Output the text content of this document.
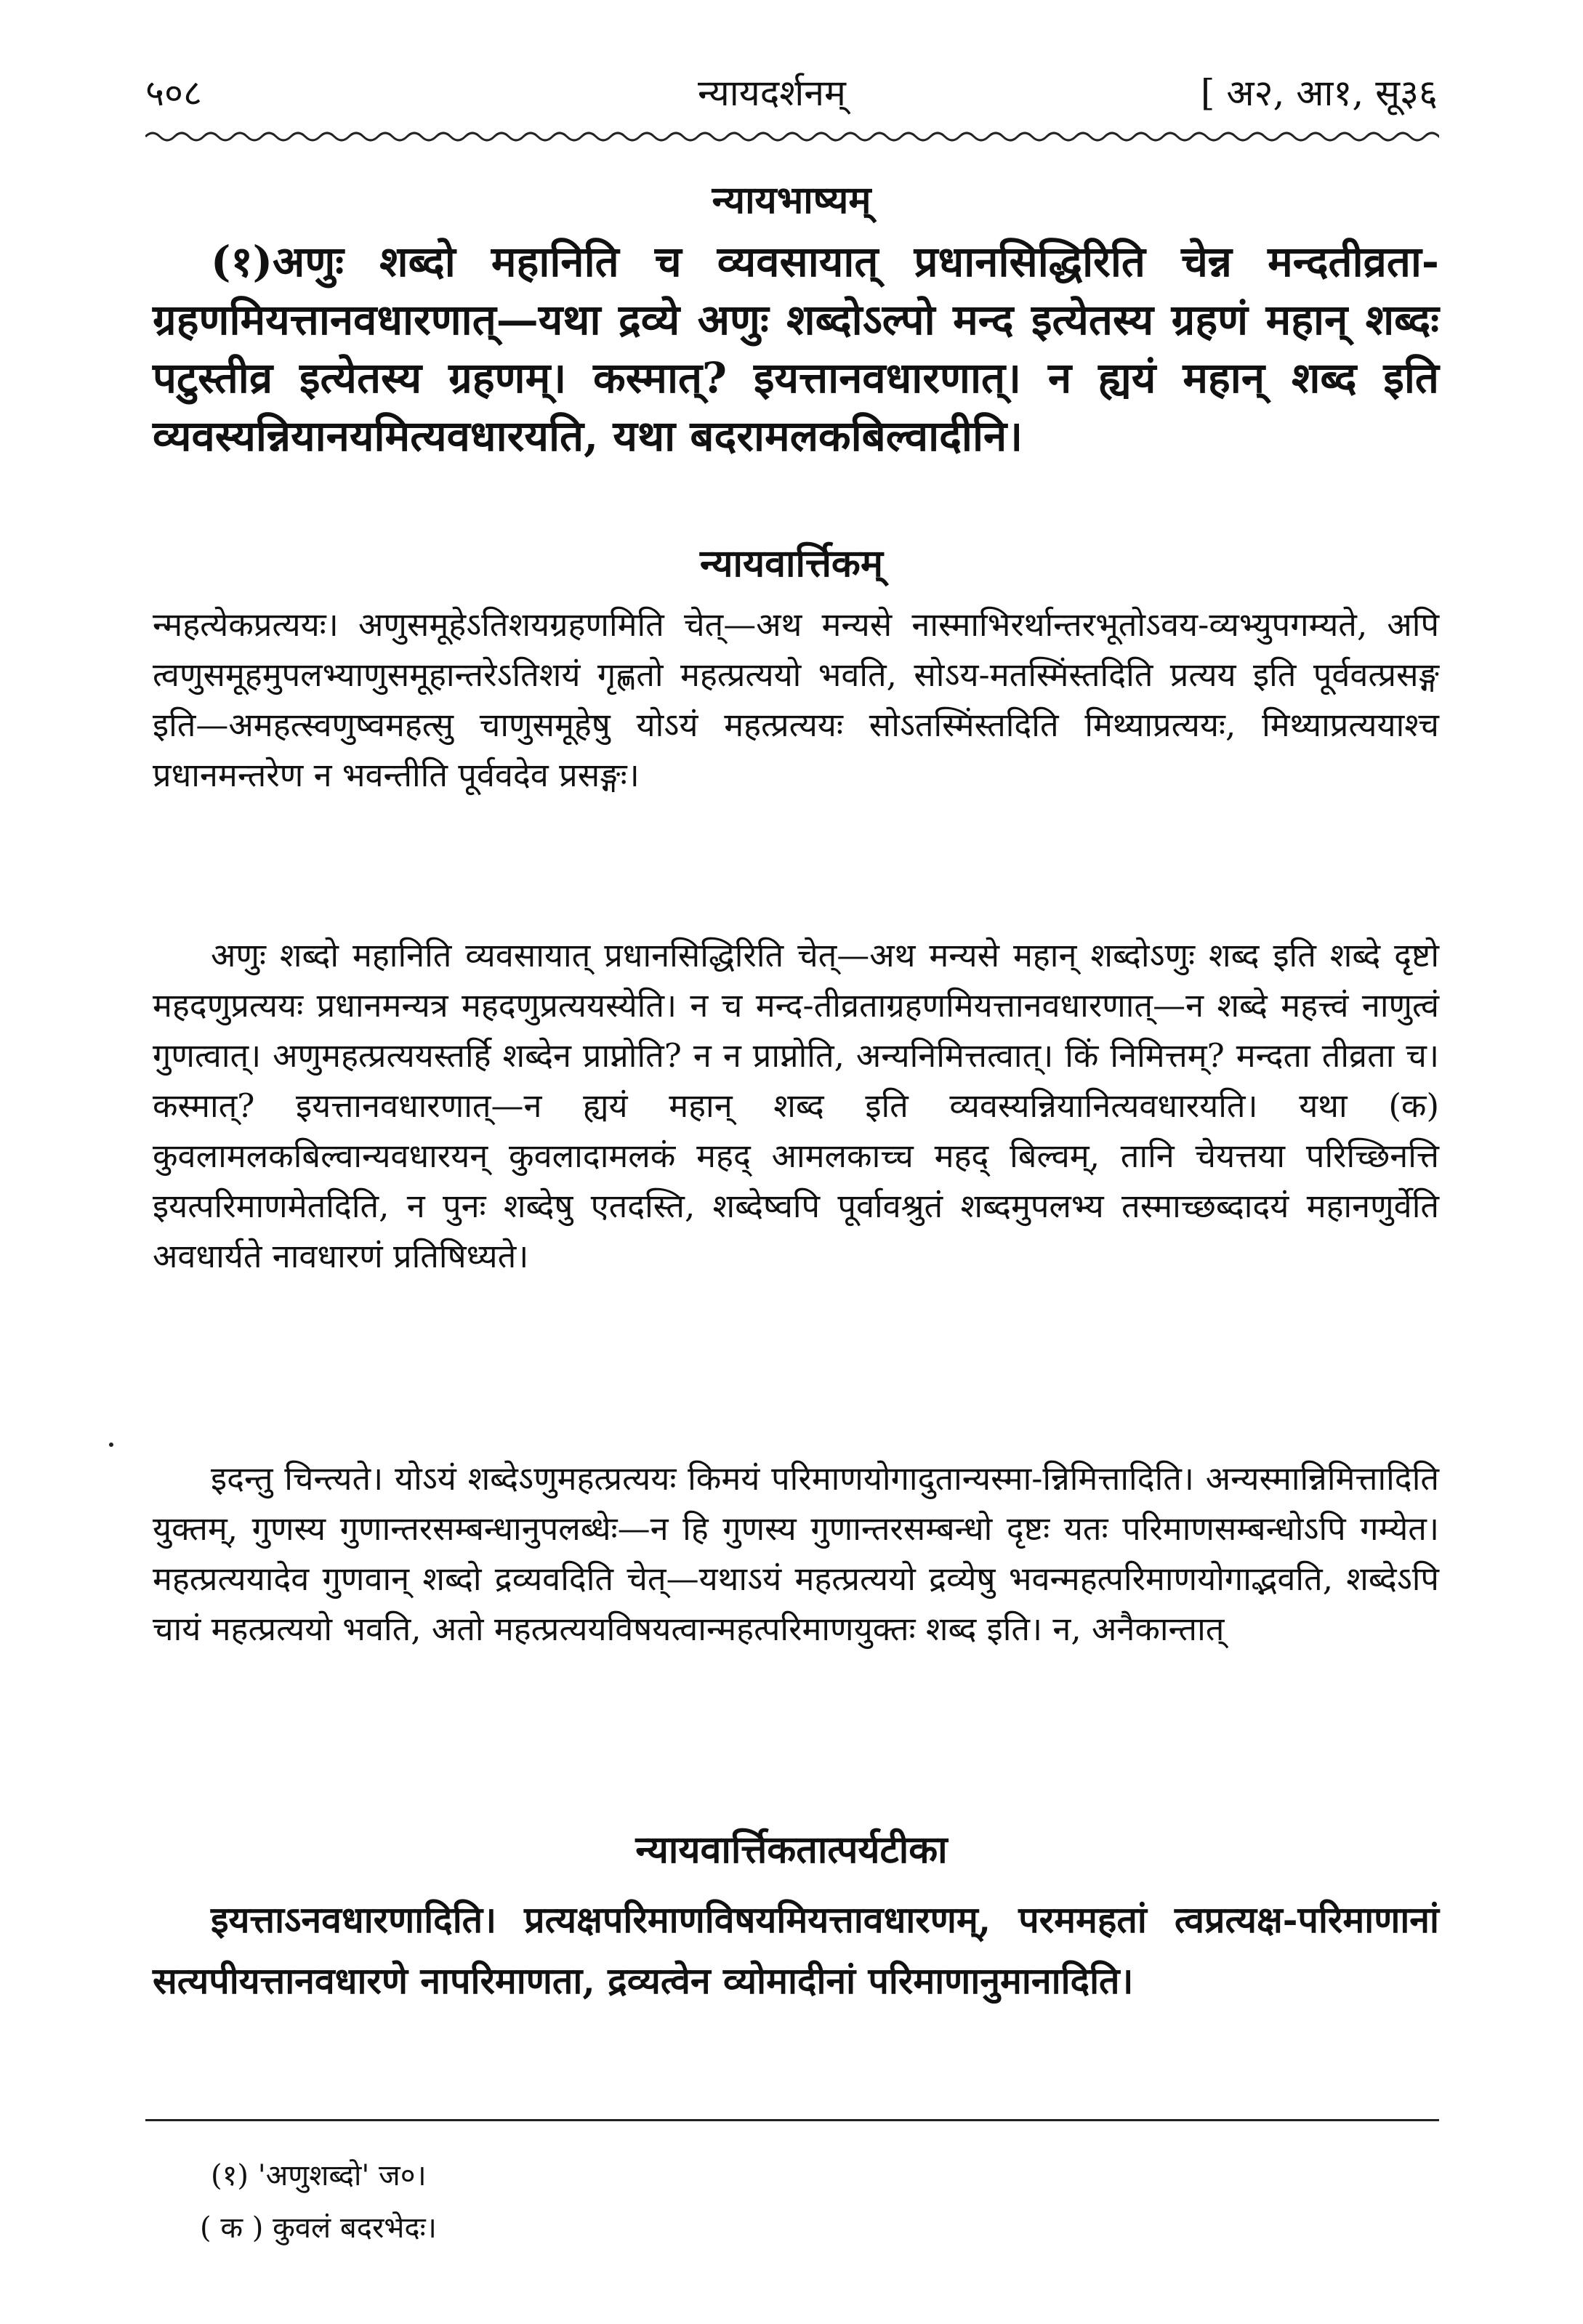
५०८	न्यायदर्शनम्	[ अ२, आ१, सू३६
न्यायभाष्यम्

(१)अणुः शब्दो महानिति च व्यवसायात् प्रधानसिद्धिरिति चेन्न मन्दतीव्रता-ग्रहणमियत्तानवधारणात्—यथा द्रव्ये अणुः शब्दोऽल्पो मन्द इत्येतस्य ग्रहणं महान् शब्दः पटुस्तीव्र इत्येतस्य ग्रहणम्। कस्मात्? इयत्तानवधारणात्। न ह्ययं महान् शब्द इति व्यवस्यन्नियानयमित्यवधारयति, यथा बदरामलकबिल्वादीनि।

न्यायवार्त्तिकम्

न्महत्येकप्रत्ययः। अणुसमूहेऽतिशयग्रहणमिति चेत्—अथ मन्यसे नास्माभिरर्थान्तरभूतोऽवय-व्यभ्युपगम्यते, अपि त्वणुसमूहमुपलभ्याणुसमूहान्तरेऽतिशयं गृह्णतो महत्प्रत्ययो भवति, सोऽय-मतस्मिंस्तदिति प्रत्यय इति पूर्ववत्प्रसङ्ग इति—अमहत्स्वणुष्वमहत्सु चाणुसमूहेषु योऽयं महत्प्रत्ययः सोऽतस्मिंस्तदिति मिथ्याप्रत्ययः, मिथ्याप्रत्ययाश्च प्रधानमन्तरेण न भवन्तीति पूर्ववदेव प्रसङ्गः।

अणुः शब्दो महानिति व्यवसायात् प्रधानसिद्धिरिति चेत्—अथ मन्यसे महान् शब्दोऽणुः शब्द इति शब्दे दृष्टो महदणुप्रत्ययः प्रधानमन्यत्र महदणुप्रत्ययस्येति। न च मन्द-तीव्रताग्रहणमियत्तानवधारणात्—न शब्दे महत्त्वं नाणुत्वं गुणत्वात्। अणुमहत्प्रत्ययस्तर्हि शब्देन प्राप्नोति? न न प्राप्नोति, अन्यनिमित्तत्वात्। किं निमित्तम्? मन्दता तीव्रता च। कस्मात्? इयत्तानवधारणात्—न ह्ययं महान् शब्द इति व्यवस्यन्नियानित्यवधारयति। यथा (क) कुवलामलकबिल्वान्यवधारयन् कुवलादामलकं महद् आमलकाच्च महद् बिल्वम्, तानि चेयत्तया परिच्छिनत्ति इयत्परिमाणमेतदिति, न पुनः शब्देषु एतदस्ति, शब्देष्वपि पूर्वावश्रुतं शब्दमुपलभ्य तस्माच्छब्दादयं महानणुर्वेति अवधार्यते नावधारणं प्रतिषिध्यते।

इदन्तु चिन्त्यते। योऽयं शब्देऽणुमहत्प्रत्ययः किमयं परिमाणयोगादुतान्यस्मा-न्निमित्तादिति। अन्यस्मान्निमित्तादिति युक्तम्, गुणस्य गुणान्तरसम्बन्धानुपलब्धेः—न हि गुणस्य गुणान्तरसम्बन्धो दृष्टः यतः परिमाणसम्बन्धोऽपि गम्येत। महत्प्रत्ययादेव गुणवान् शब्दो द्रव्यवदिति चेत्—यथाऽयं महत्प्रत्ययो द्रव्येषु भवन्महत्परिमाणयोगाद्भवति, शब्देऽपि चायं महत्प्रत्ययो भवति, अतो महत्प्रत्ययविषयत्वान्महत्परिमाणयुक्तः शब्द इति। न, अनैकान्तात्

न्यायवार्त्तिकतात्पर्यटीका

इयत्ताऽनवधारणादिति। प्रत्यक्षपरिमाणविषयमियत्तावधारणम्, परममहतां त्वप्रत्यक्ष-परिमाणानां सत्यपीयत्तानवधारणे नापरिमाणता, द्रव्यत्वेन व्योमादीनां परिमाणानुमानादिति।

(१) 'अणुशब्दो' ज०।
( क ) कुवलं बदरभेदः।
